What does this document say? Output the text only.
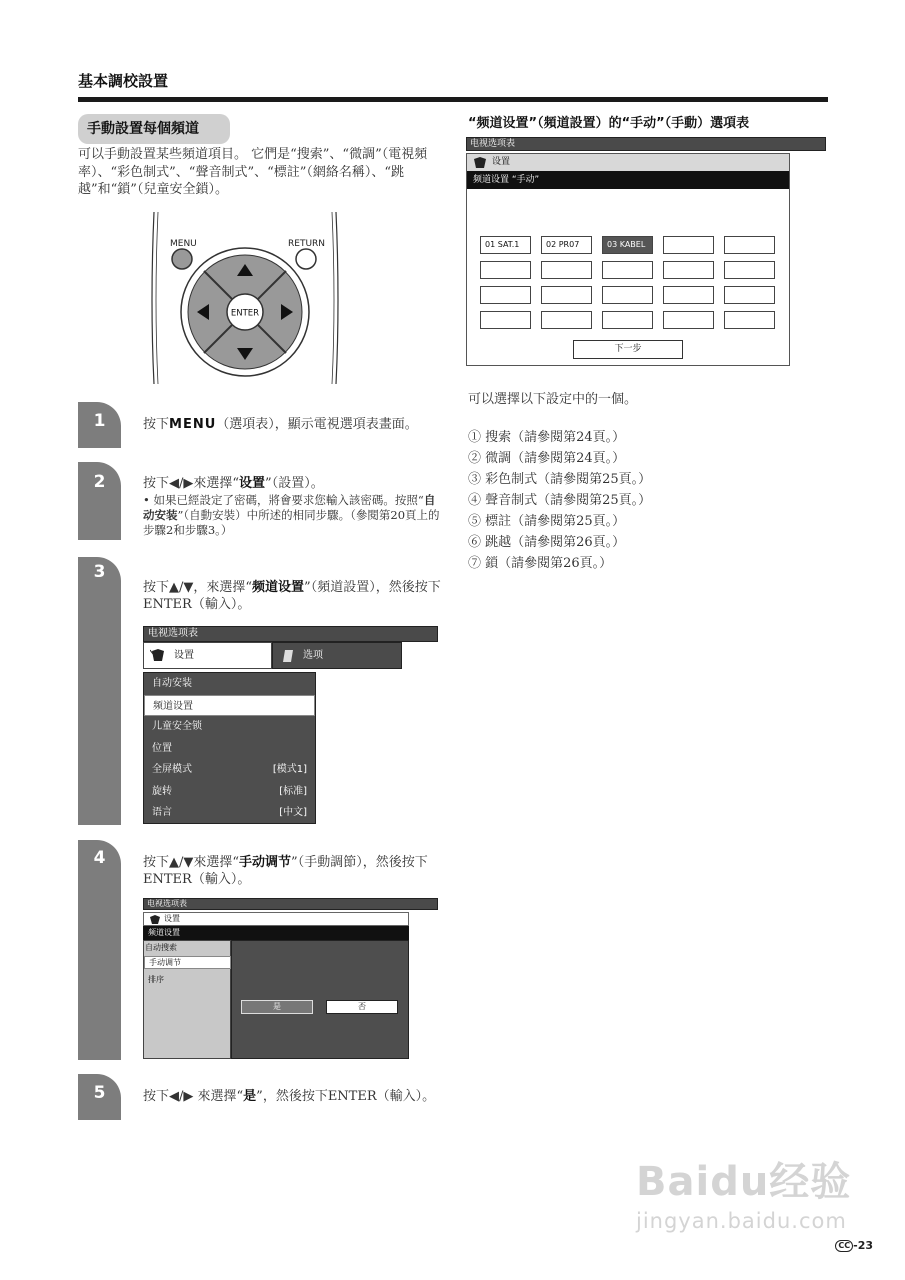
基本調校設置
手動設置每個頻道
可以手動設置某些頻道項目。 它們是“搜索”、“微調”（電視頻率）、“彩色制式”、“聲音制式”、“標註”（網絡名稱）、“跳越”和“鎖”（兒童安全鎖）。
MENU	RETURN
ENTER
1	按下MENU（選項表），顯示電視選項表畫面。
2	按下◀/▶來選擇“设置”（設置）。
• 如果已經設定了密碼，將會要求您輸入該密碼。按照“自动安装”（自動安裝）中所述的相同步驟。（參閱第20頁上的步驟2和步驟3。）
3
按下▲/▼，來選擇“频道设置”（頻道設置），然後按下 ENTER（輸入）。
电视选项表
设置	选项
自动安装
频道设置
儿童安全锁
位置
全屏模式	[模式1]
旋转	[标准]
语言	[中文]
4	按下▲/▼來選擇“手动调节”（手動調節），然後按下ENTER（輸入）。
电视选项表
设置
频道设置
自动搜索
手动调节
排序
是	否
5	按下◀/▶ 來選擇“是”，然後按下ENTER（輸入）。
“频道设置”（頻道設置）的“手动”（手動）選項表
电视选项表
设置
频道设置 “手动”
01 SAT.1	02 PR07	03 KABEL
下一步
可以選擇以下設定中的一個。
① 搜索（請參閱第24頁。）
② 微調（請參閱第24頁。）
③ 彩色制式（請參閱第25頁。）
④ 聲音制式（請參閱第25頁。）
⑤ 標註（請參閱第25頁。）
⑥ 跳越（請參閱第26頁。）
⑦ 鎖（請參閱第26頁。）
Baidu经验
jingyan.baidu.com
CC -23
